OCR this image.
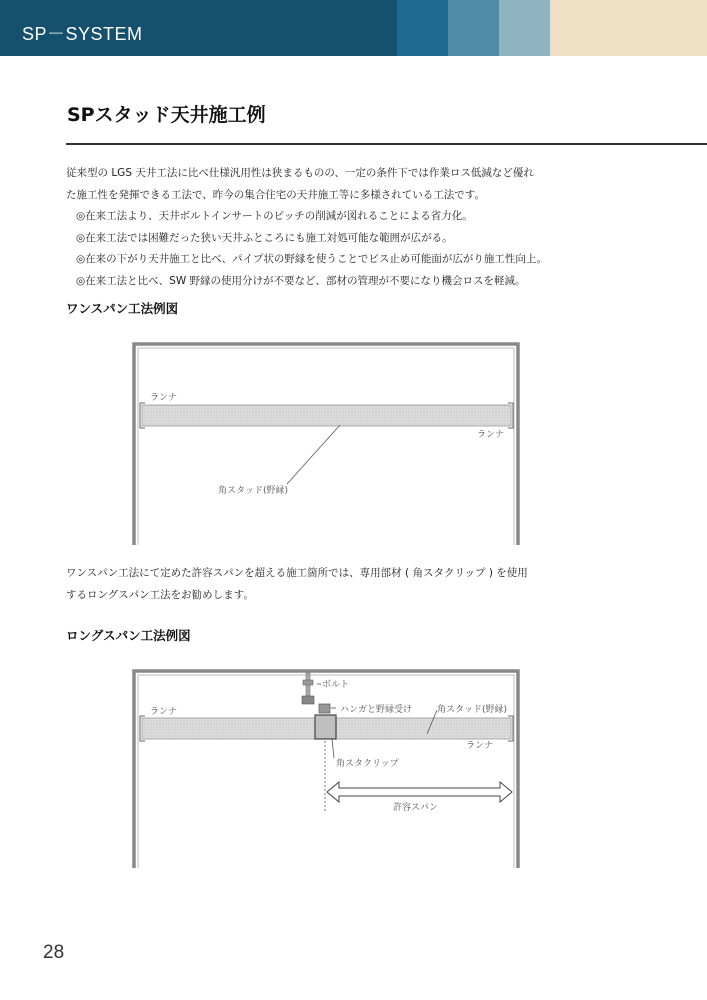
SP－SYSTEM
SPスタッド天井施工例
従来型の LGS 天井工法に比べ仕様汎用性は狭まるものの、一定の条件下では作業ロス低減など優れ
た施工性を発揮できる工法で、昨今の集合住宅の天井施工等に多様されている工法です。
◎在来工法より、天井ボルトインサートのピッチの削減が図れることによる省力化。
◎在来工法では困難だった狭い天井ふところにも施工対処可能な範囲が広がる。
◎在来の下がり天井施工と比べ、パイプ状の野縁を使うことでビス止め可能面が広がり施工性向上。
◎在来工法と比べ、SW 野縁の使用分けが不要など、部材の管理が不要になり機会ロスを軽減。
ワンスパン工法例図
ワンスパン工法にて定めた許容スパンを超える施工箇所では、専用部材 ( 角スタクリップ ) を使用
するロングスパン工法をお勧めします。
ロングスパン工法例図
ランナ
ランナ
角スタッド(野縁)
ボルト
ハンガと野縁受け	角スタッド(野縁)
ランナ
ランナ
角スタクリップ
許容スパン
28
